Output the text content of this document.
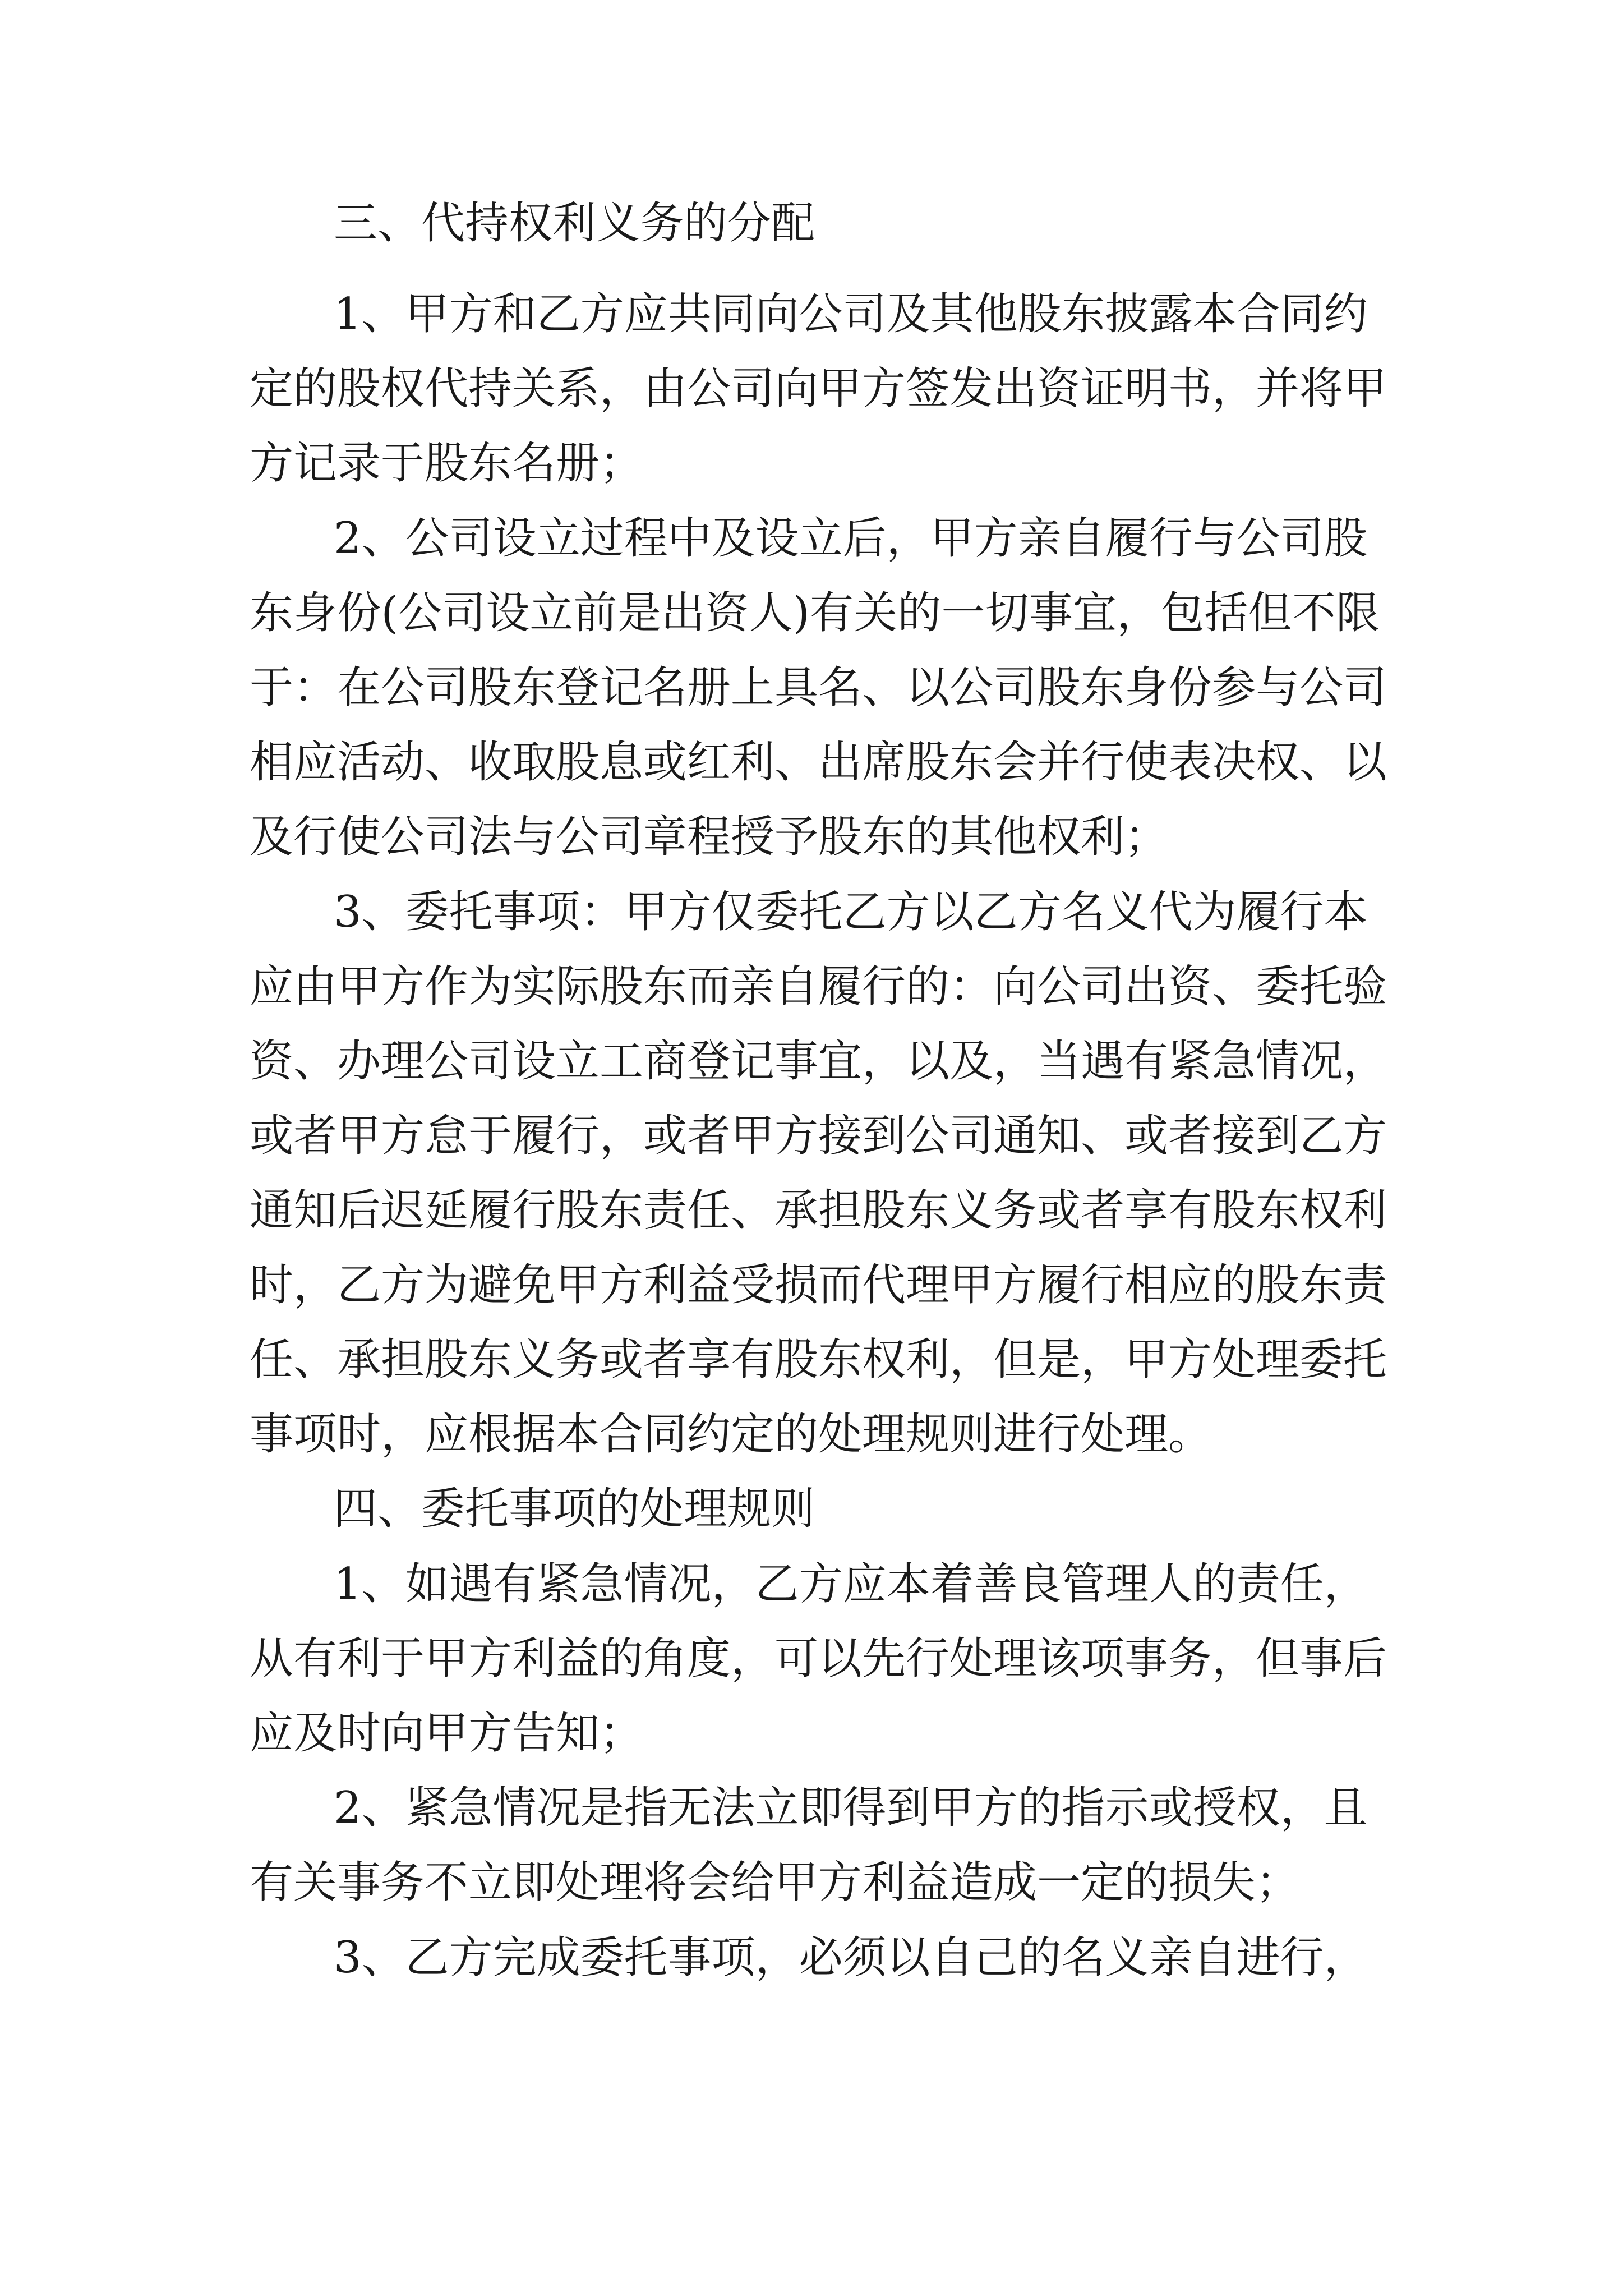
三、代持权利义务的分配
1、甲方和乙方应共同向公司及其他股东披露本合同约
定的股权代持关系，由公司向甲方签发出资证明书，并将甲
方记录于股东名册；
2、公司设立过程中及设立后，甲方亲自履行与公司股
东身份(公司设立前是出资人)有关的一切事宜，包括但不限
于：在公司股东登记名册上具名、以公司股东身份参与公司
相应活动、收取股息或红利、出席股东会并行使表决权、以
及行使公司法与公司章程授予股东的其他权利；
3、委托事项：甲方仅委托乙方以乙方名义代为履行本
应由甲方作为实际股东而亲自履行的：向公司出资、委托验
资、办理公司设立工商登记事宜，以及，当遇有紧急情况，
或者甲方怠于履行，或者甲方接到公司通知、或者接到乙方
通知后迟延履行股东责任、承担股东义务或者享有股东权利
时，乙方为避免甲方利益受损而代理甲方履行相应的股东责
任、承担股东义务或者享有股东权利，但是，甲方处理委托
事项时，应根据本合同约定的处理规则进行处理。
四、委托事项的处理规则
1、如遇有紧急情况，乙方应本着善良管理人的责任，
从有利于甲方利益的角度，可以先行处理该项事务，但事后
应及时向甲方告知；
2、紧急情况是指无法立即得到甲方的指示或授权，且
有关事务不立即处理将会给甲方利益造成一定的损失；
3、乙方完成委托事项，必须以自己的名义亲自进行，
